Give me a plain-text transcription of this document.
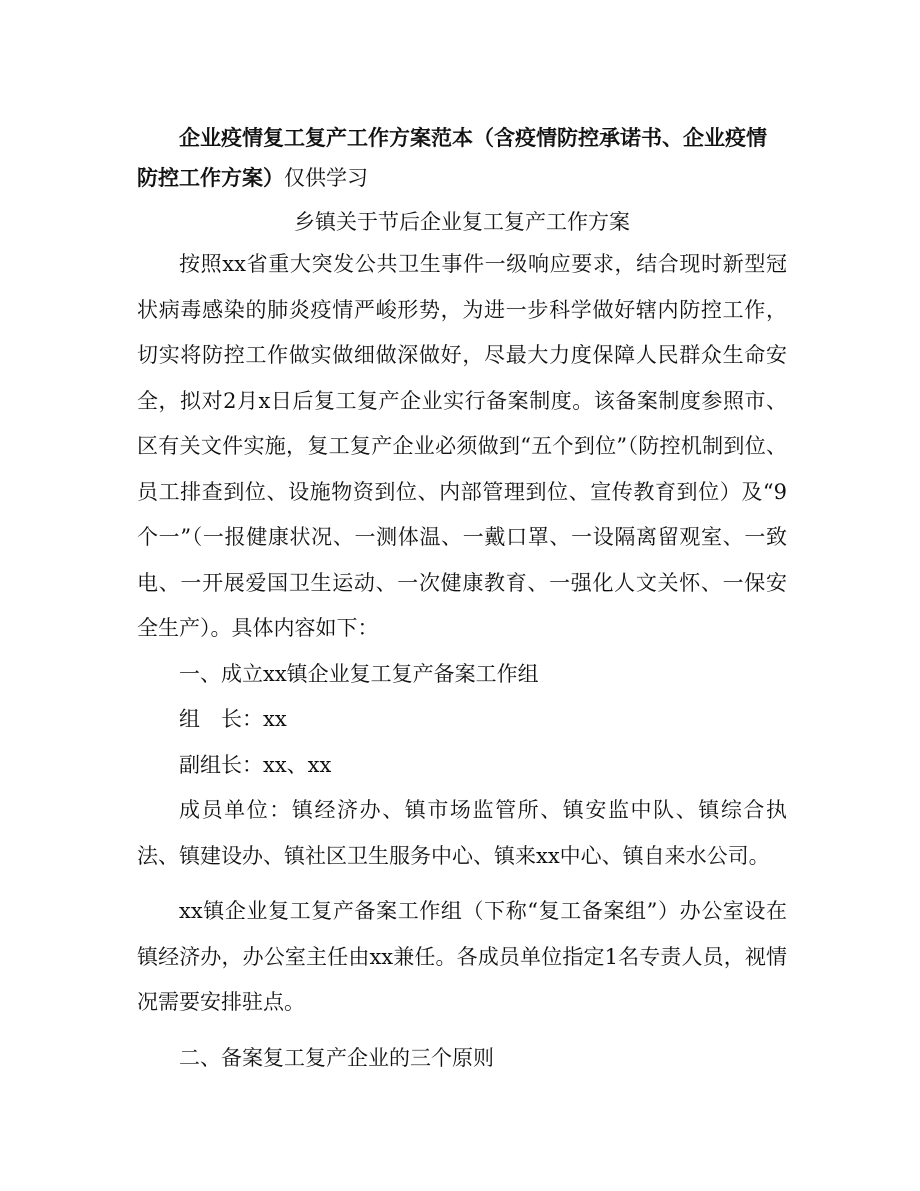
企业疫情复工复产工作方案范本（含疫情防控承诺书、企业疫情防控工作方案）仅供学习

乡镇关于节后企业复工复产工作方案

按照xx省重大突发公共卫生事件一级响应要求，结合现时新型冠状病毒感染的肺炎疫情严峻形势，为进一步科学做好辖内防控工作，切实将防控工作做实做细做深做好，尽最大力度保障人民群众生命安全，拟对2月x日后复工复产企业实行备案制度。该备案制度参照市、区有关文件实施，复工复产企业必须做到“五个到位”（防控机制到位、员工排查到位、设施物资到位、内部管理到位、宣传教育到位）及“9个一”（一报健康状况、一测体温、一戴口罩、一设隔离留观室、一致电、一开展爱国卫生运动、一次健康教育、一强化人文关怀、一保安全生产）。具体内容如下：

一、成立xx镇企业复工复产备案工作组

组　长：xx

副组长：xx、xx

成员单位：镇经济办、镇市场监管所、镇安监中队、镇综合执法、镇建设办、镇社区卫生服务中心、镇来xx中心、镇自来水公司。

xx镇企业复工复产备案工作组（下称“复工备案组”）办公室设在镇经济办，办公室主任由xx兼任。各成员单位指定1名专责人员，视情况需要安排驻点。

二、备案复工复产企业的三个原则
